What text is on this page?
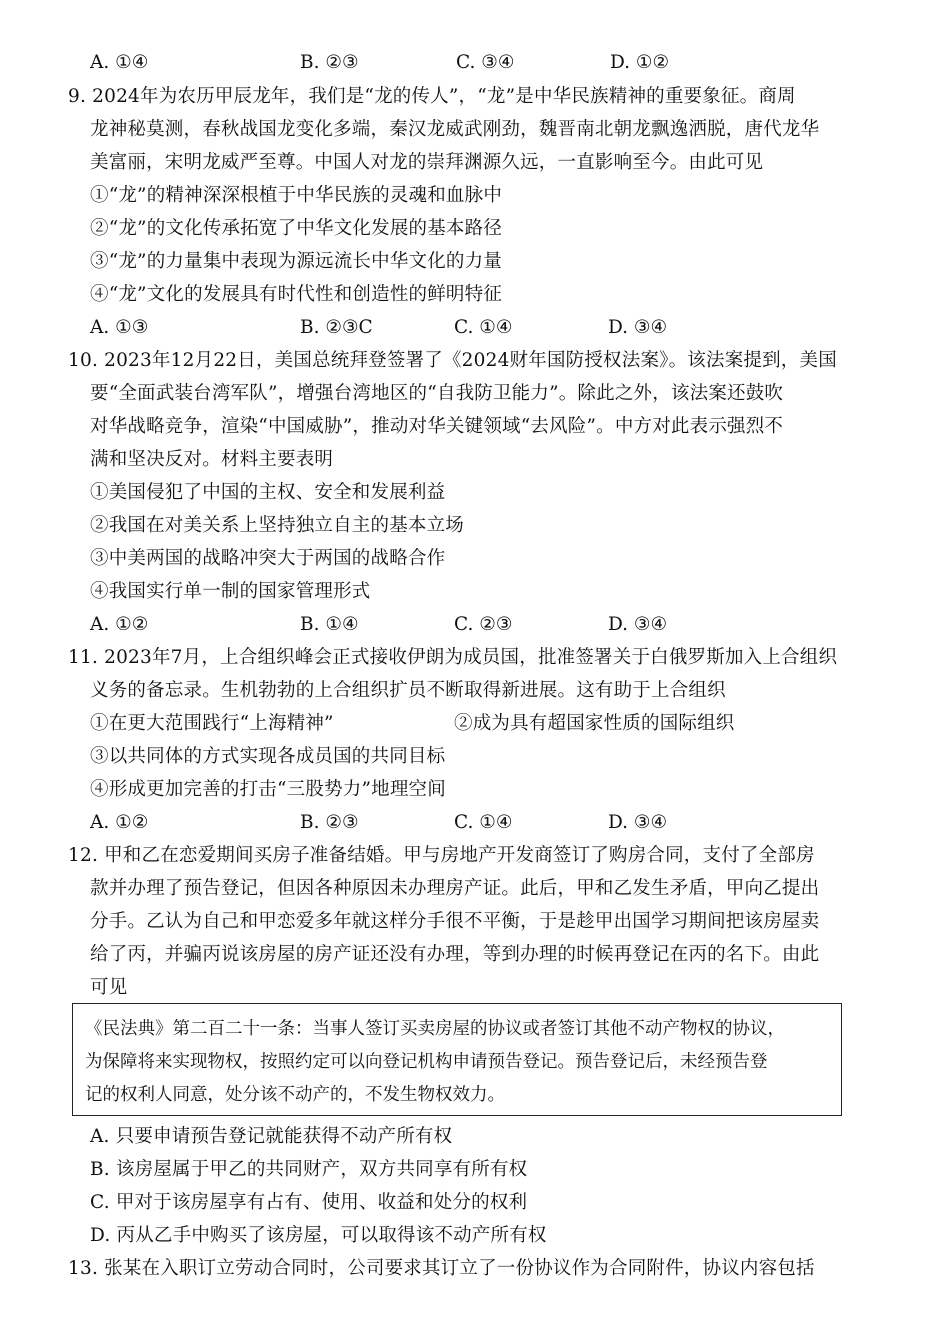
A. ①④	B. ②③	C. ③④	D. ①②
9. 2024年为农历甲辰龙年，我们是“龙的传人”，“龙”是中华民族精神的重要象征。商周
龙神秘莫测，春秋战国龙变化多端，秦汉龙威武刚劲，魏晋南北朝龙飘逸洒脱，唐代龙华
美富丽，宋明龙威严至尊。中国人对龙的崇拜渊源久远，一直影响至今。由此可见
①“龙”的精神深深根植于中华民族的灵魂和血脉中
②“龙”的文化传承拓宽了中华文化发展的基本路径
③“龙”的力量集中表现为源远流长中华文化的力量
④“龙”文化的发展具有时代性和创造性的鲜明特征
A. ①③	B. ②③C	C. ①④	D. ③④
10. 2023年12月22日，美国总统拜登签署了《2024财年国防授权法案》。该法案提到，美国
要“全面武装台湾军队”，增强台湾地区的“自我防卫能力”。除此之外，该法案还鼓吹
对华战略竞争，渲染“中国威胁”，推动对华关键领域“去风险”。中方对此表示强烈不
满和坚决反对。材料主要表明
①美国侵犯了中国的主权、安全和发展利益
②我国在对美关系上坚持独立自主的基本立场
③中美两国的战略冲突大于两国的战略合作
④我国实行单一制的国家管理形式
A. ①②	B. ①④	C. ②③	D. ③④
11. 2023年7月，上合组织峰会正式接收伊朗为成员国，批准签署关于白俄罗斯加入上合组织
义务的备忘录。生机勃勃的上合组织扩员不断取得新进展。这有助于上合组织
①在更大范围践行“上海精神”	②成为具有超国家性质的国际组织
③以共同体的方式实现各成员国的共同目标
④形成更加完善的打击“三股势力”地理空间
A. ①②	B. ②③	C. ①④	D. ③④
12. 甲和乙在恋爱期间买房子准备结婚。甲与房地产开发商签订了购房合同，支付了全部房
款并办理了预告登记，但因各种原因未办理房产证。此后，甲和乙发生矛盾，甲向乙提出
分手。乙认为自己和甲恋爱多年就这样分手很不平衡，于是趁甲出国学习期间把该房屋卖
给了丙，并骗丙说该房屋的房产证还没有办理，等到办理的时候再登记在丙的名下。由此
可见
《民法典》第二百二十一条：当事人签订买卖房屋的协议或者签订其他不动产物权的协议，
为保障将来实现物权，按照约定可以向登记机构申请预告登记。预告登记后，未经预告登
记的权利人同意，处分该不动产的，不发生物权效力。
A. 只要申请预告登记就能获得不动产所有权
B. 该房屋属于甲乙的共同财产，双方共同享有所有权
C. 甲对于该房屋享有占有、使用、收益和处分的权利
D. 丙从乙手中购买了该房屋，可以取得该不动产所有权
13. 张某在入职订立劳动合同时，公司要求其订立了一份协议作为合同附件，协议内容包括
